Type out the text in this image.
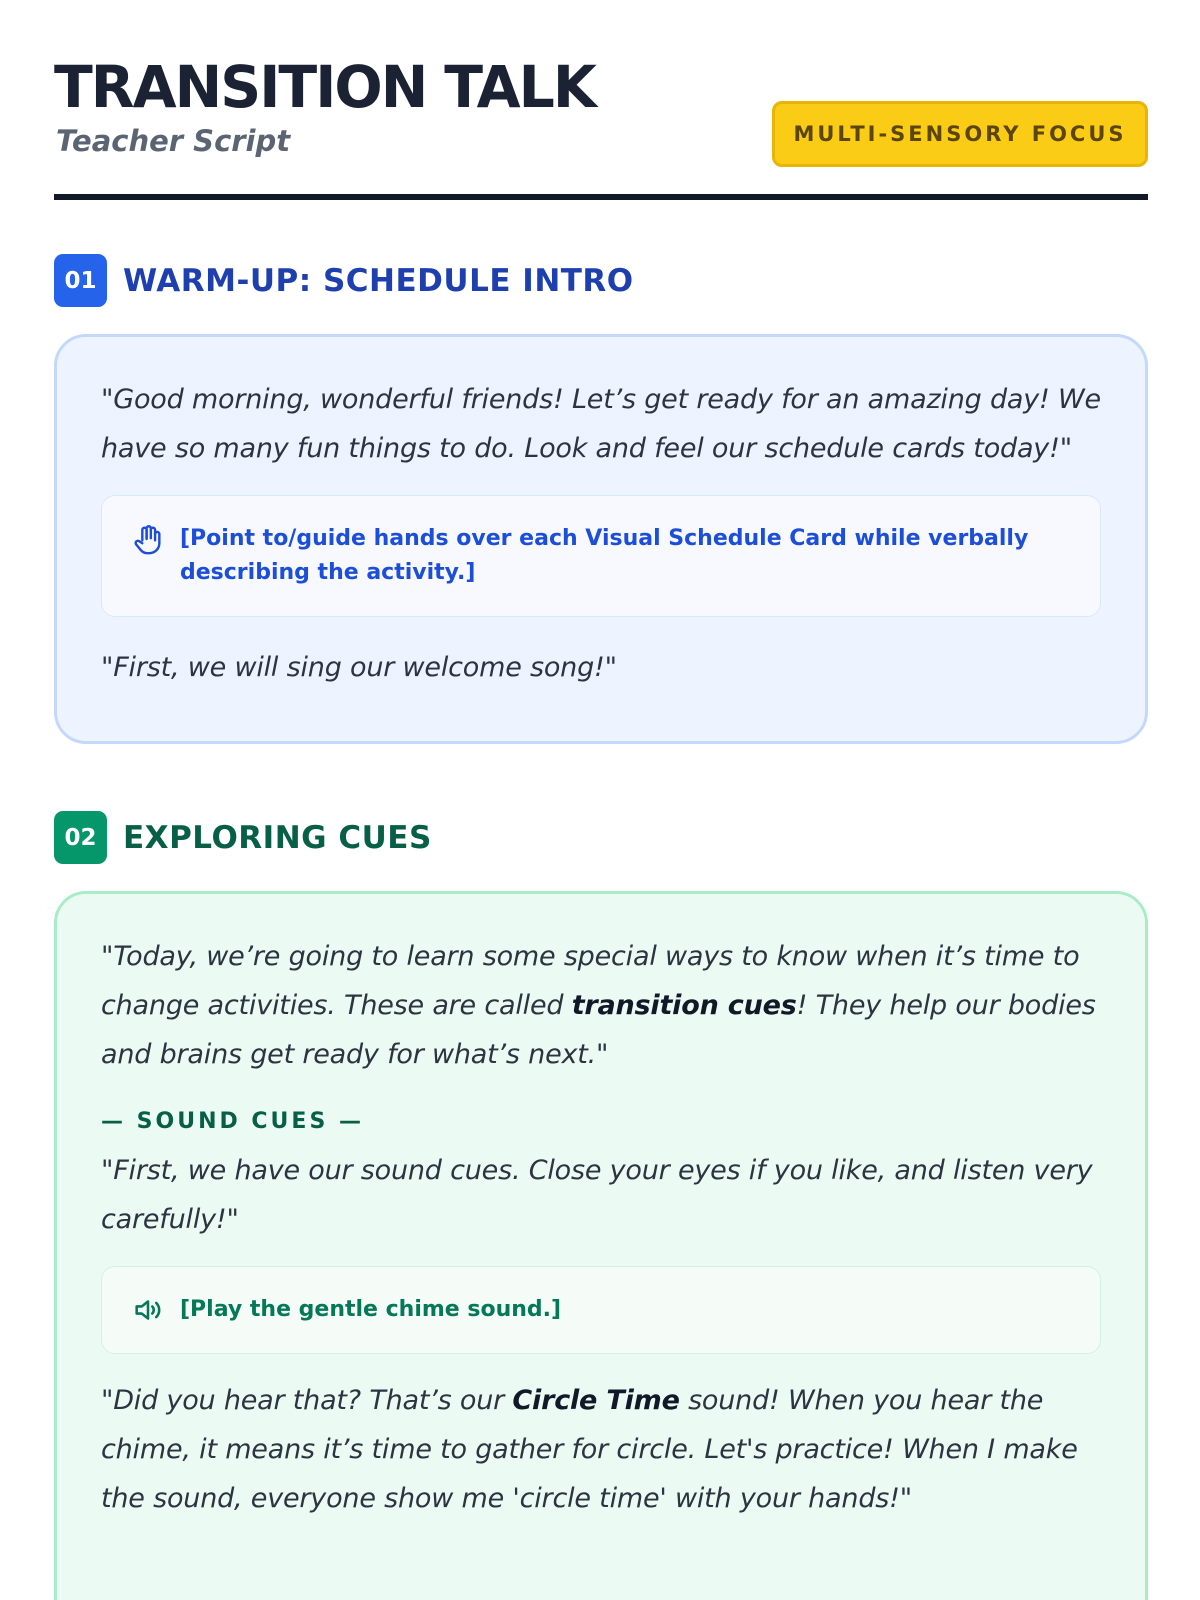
TRANSITION TALK
Teacher Script	MULTI-SENSORY FOCUS
01 WARM-UP: SCHEDULE INTRO

"Good morning, wonderful friends! Let’s get ready for an amazing day! We have so many fun things to do. Look and feel our schedule cards today!"

[Point to/guide hands over each Visual Schedule Card while verbally describing the activity.]

"First, we will sing our welcome song!"

02 EXPLORING CUES

"Today, we’re going to learn some special ways to know when it’s time to change activities. These are called transition cues! They help our bodies and brains get ready for what’s next."

— SOUND CUES —

"First, we have our sound cues. Close your eyes if you like, and listen very carefully!"

[Play the gentle chime sound.]

"Did you hear that? That’s our Circle Time sound! When you hear the chime, it means it’s time to gather for circle. Let's practice! When I make the sound, everyone show me 'circle time' with your hands!"
